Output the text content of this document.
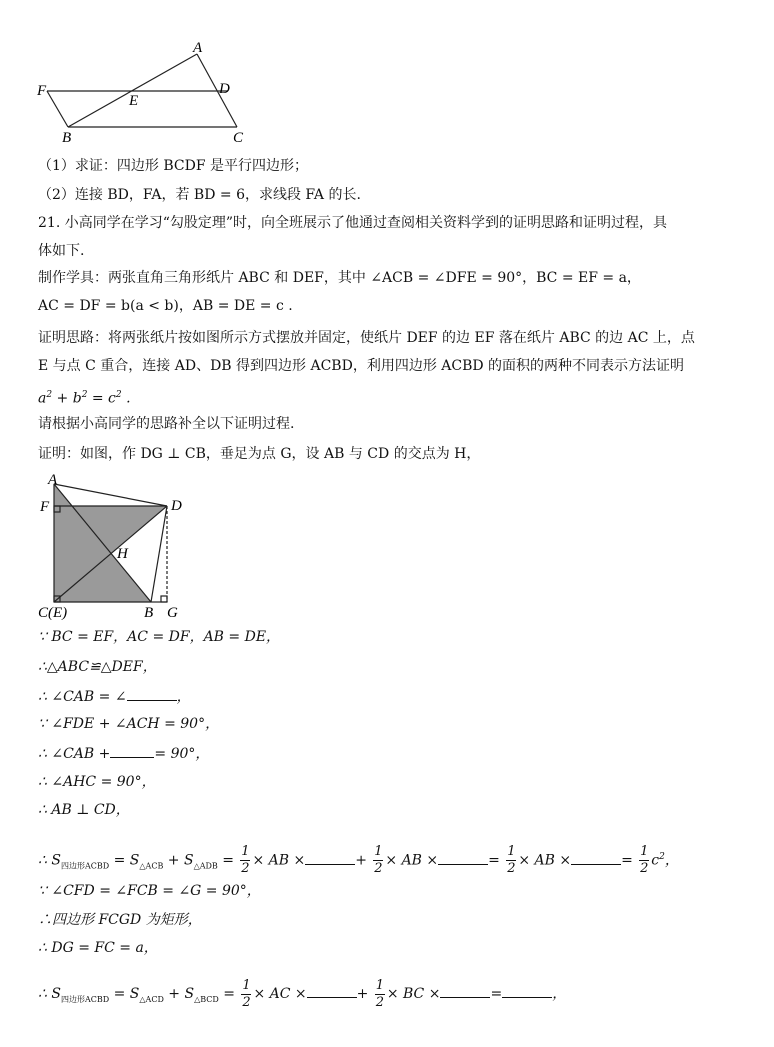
A
D
F
E
B	C
（1）求证：四边形 BCDF 是平行四边形；
（2）连接 BD，FA，若 BD = 6，求线段 FA 的长.
21. 小高同学在学习“勾股定理”时，向全班展示了他通过查阅相关资料学到的证明思路和证明过程，具
体如下.
制作学具：两张直角三角形纸片 ABC 和 DEF，其中 ∠ACB = ∠DFE = 90°，BC = EF = a，
AC = DF = b(a < b)，AB = DE = c .
证明思路：将两张纸片按如图所示方式摆放并固定，使纸片 DEF 的边 EF 落在纸片 ABC 的边 AC 上，点
E 与点 C 重合，连接 AD、DB 得到四边形 ACBD，利用四边形 ACBD 的面积的两种不同表示方法证明
$a^2 + b^2 = c^2$ .
请根据小高同学的思路补全以下证明过程.
证明：如图，作 DG ⊥ CB，垂足为点 G，设 AB 与 CD 的交点为 H，
A
F	D
H
C(E)	B G
∵ BC = EF，AC = DF，AB = DE，
∴△ABC≌△DEF，
∴ ∠CAB = ∠	，
∵ ∠FDE + ∠ACH = 90°，
∴ ∠CAB +	= 90°，
∴ ∠AHC = 90°，
∴ AB ⊥ CD，
∴ $S_{四边形ACBD} = S_{\triangle ACB} + S_{\triangle ADB} = \frac{1}{2}$ × AB ×	+ $\frac{1}{2}$ × AB ×	= $\frac{1}{2}$ × AB ×	= $\frac{1}{2} c^2$，
∵ ∠CFD = ∠FCB = ∠G = 90°，
∴四边形 FCGD 为矩形，
∴ DG = FC = a，
∴ $S_{四边形ACBD} = S_{\triangle ACD} + S_{\triangle BCD} = \frac{1}{2}$ × AC ×	+ $\frac{1}{2}$ × BC ×	=	，
